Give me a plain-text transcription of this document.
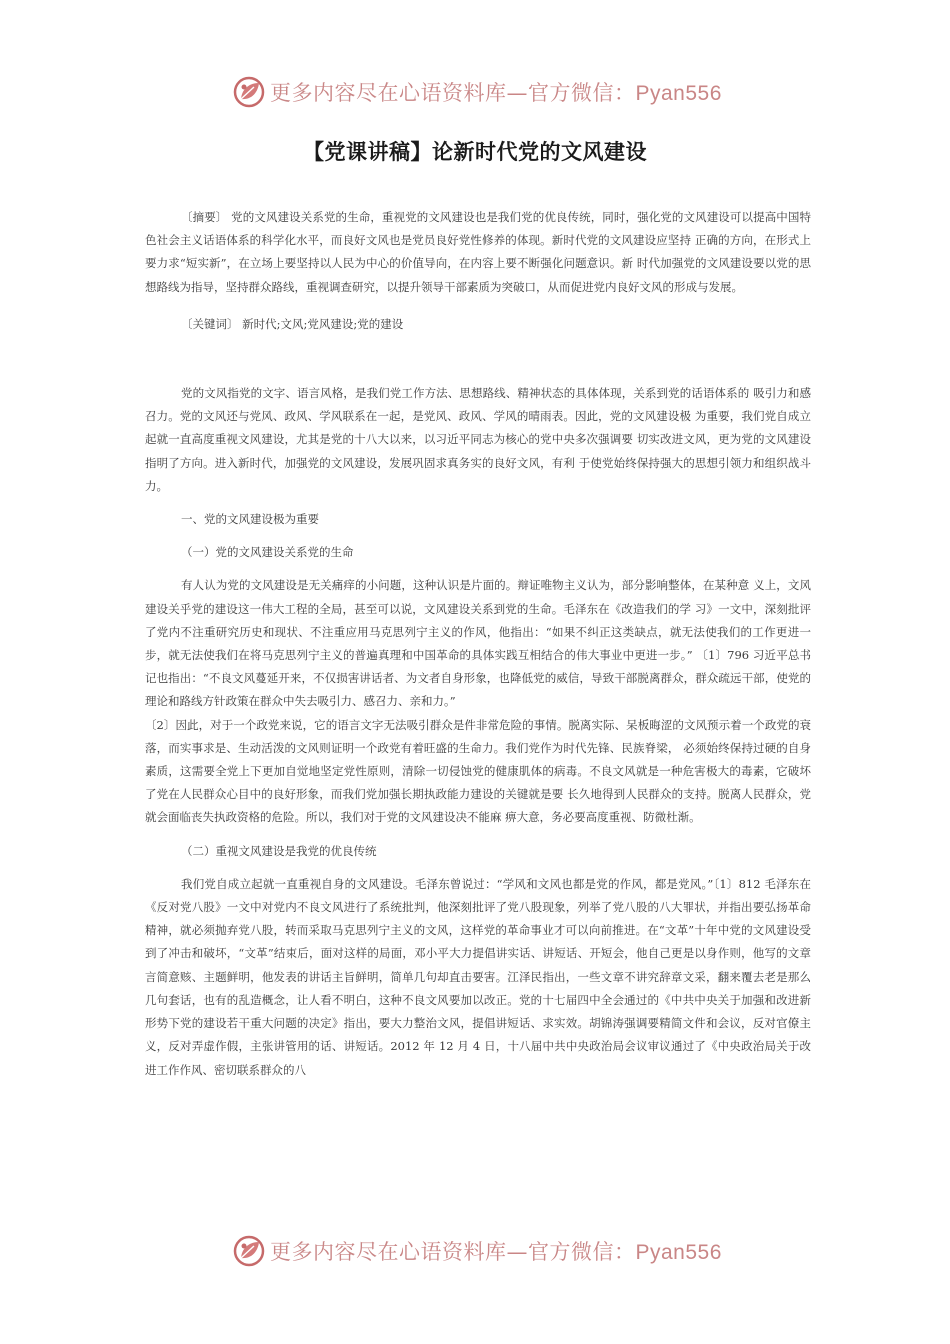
更多内容尽在心语资料库—官方微信：Pyan556
【党课讲稿】论新时代党的文风建设

〔摘要〕 党的文风建设关系党的生命，重视党的文风建设也是我们党的优良传统，同时，强化党的文风建设可以提高中国特色社会主义话语体系的科学化水平，而良好文风也是党员良好党性修养的体现。新时代党的文风建设应坚持 正确的方向，在形式上要力求“短实新”，在立场上要坚持以人民为中心的价值导向，在内容上要不断强化问题意识。新 时代加强党的文风建设要以党的思想路线为指导，坚持群众路线，重视调查研究，以提升领导干部素质为突破口，从而促进党内良好文风的形成与发展。

〔关键词〕 新时代;文风;党风建设;党的建设

党的文风指党的文字、语言风格，是我们党工作方法、思想路线、精神状态的具体体现，关系到党的话语体系的 吸引力和感召力。党的文风还与党风、政风、学风联系在一起，是党风、政风、学风的晴雨表。因此，党的文风建设极 为重要，我们党自成立起就一直高度重视文风建设，尤其是党的十八大以来，以习近平同志为核心的党中央多次强调要 切实改进文风，更为党的文风建设指明了方向。进入新时代，加强党的文风建设，发展巩固求真务实的良好文风，有利 于使党始终保持强大的思想引领力和组织战斗力。

一、党的文风建设极为重要

（一）党的文风建设关系党的生命

有人认为党的文风建设是无关痛痒的小问题，这种认识是片面的。辩证唯物主义认为，部分影响整体，在某种意 义上，文风建设关乎党的建设这一伟大工程的全局，甚至可以说，文风建设关系到党的生命。毛泽东在《改造我们的学 习》一文中，深刻批评了党内不注重研究历史和现状、不注重应用马克思列宁主义的作风，他指出：“如果不纠正这类缺点，就无法使我们的工作更进一步，就无法使我们在将马克思列宁主义的普遍真理和中国革命的具体实践互相结合的伟大事业中更进一步。” 〔1〕796 习近平总书记也指出：“不良文风蔓延开来，不仅损害讲话者、为文者自身形象，也降低党的威信，导致干部脱离群众，群众疏远干部，使党的理论和路线方针政策在群众中失去吸引力、感召力、亲和力。”

〔2〕因此，对于一个政党来说，它的语言文字无法吸引群众是件非常危险的事情。脱离实际、呆板晦涩的文风预示着一个政党的衰落，而实事求是、生动活泼的文风则证明一个政党有着旺盛的生命力。我们党作为时代先锋、民族脊梁， 必须始终保持过硬的自身素质，这需要全党上下更加自觉地坚定党性原则，清除一切侵蚀党的健康肌体的病毒。不良文风就是一种危害极大的毒素，它破坏了党在人民群众心目中的良好形象，而我们党加强长期执政能力建设的关键就是要 长久地得到人民群众的支持。脱离人民群众，党就会面临丧失执政资格的危险。所以，我们对于党的文风建设决不能麻 痹大意，务必要高度重视、防微杜渐。

（二）重视文风建设是我党的优良传统

我们党自成立起就一直重视自身的文风建设。毛泽东曾说过：“学风和文风也都是党的作风，都是党风。”〔1〕812 毛泽东在《反对党八股》一文中对党内不良文风进行了系统批判，他深刻批评了党八股现象，列举了党八股的八大罪状，并指出要弘扬革命精神，就必须抛弃党八股，转而采取马克思列宁主义的文风，这样党的革命事业才可以向前推进。在“文革”十年中党的文风建设受到了冲击和破坏，“文革”结束后，面对这样的局面，邓小平大力提倡讲实话、讲短话、开短会，他自己更是以身作则，他写的文章言简意赅、主题鲜明，他发表的讲话主旨鲜明，简单几句却直击要害。江泽民指出，一些文章不讲究辞章文采，翻来覆去老是那么几句套话，也有的乱造概念，让人看不明白，这种不良文风要加以改正。党的十七届四中全会通过的《中共中央关于加强和改进新形势下党的建设若干重大问题的决定》指出，要大力整治文风，提倡讲短话、求实效。胡锦涛强调要精简文件和会议，反对官僚主义，反对弄虚作假，主张讲管用的话、讲短话。2012 年 12 月 4 日，十八届中共中央政治局会议审议通过了《中央政治局关于改进工作作风、密切联系群众的八

更多内容尽在心语资料库—官方微信：Pyan556
